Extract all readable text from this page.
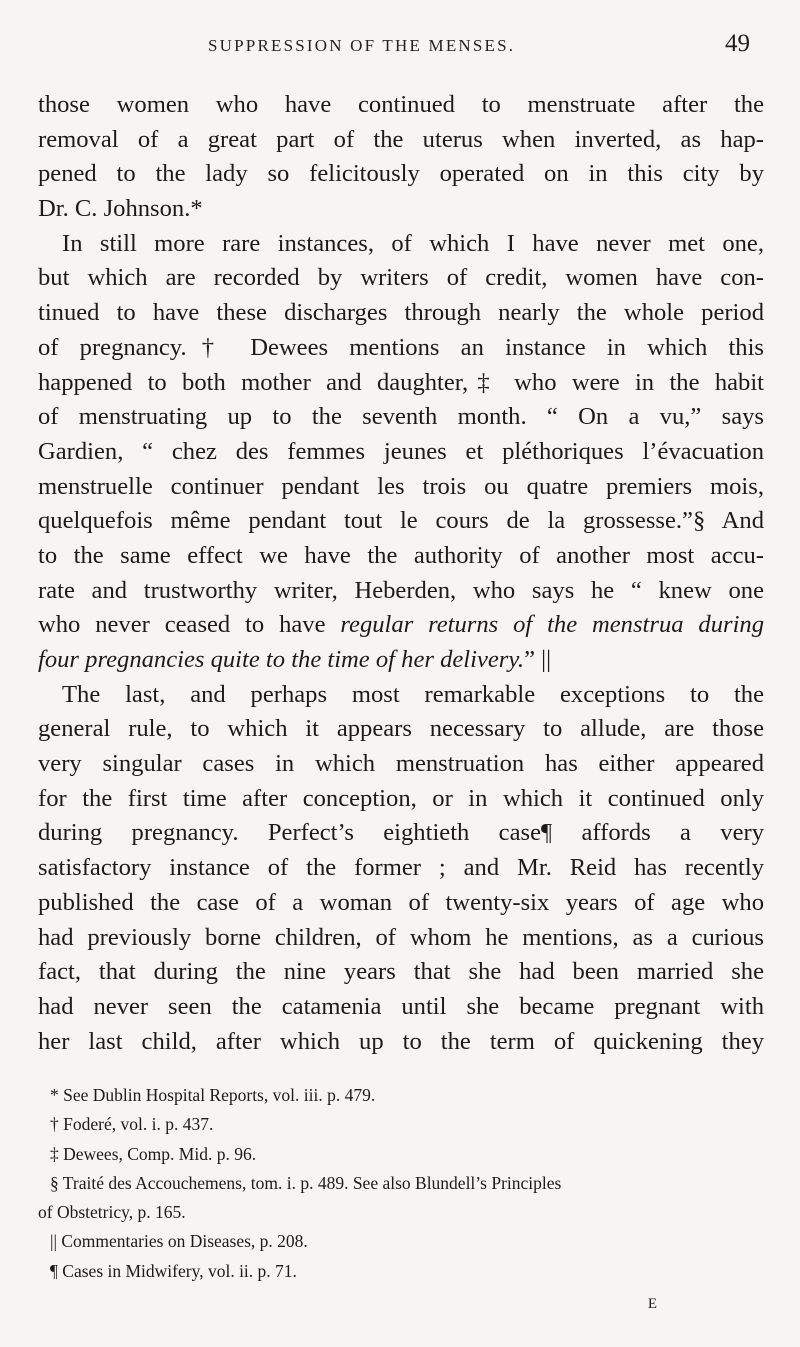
SUPPRESSION OF THE MENSES.	49
those women who have continued to menstruate after the
removal of a great part of the uterus when inverted, as hap-
pened to the lady so felicitously operated on in this city by
Dr. C. Johnson.*
In still more rare instances, of which I have never met one,
but which are recorded by writers of credit, women have con-
tinued to have these discharges through nearly the whole period
of pregnancy.† Dewees mentions an instance in which this
happened to both mother and daughter,‡ who were in the habit
of menstruating up to the seventh month. “ On a vu,” says
Gardien, “ chez des femmes jeunes et pléthoriques l’évacuation
menstruelle continuer pendant les trois ou quatre premiers mois,
quelquefois même pendant tout le cours de la grossesse.”§ And
to the same effect we have the authority of another most accu-
rate and trustworthy writer, Heberden, who says he “ knew one
who never ceased to have regular returns of the menstrua during
four pregnancies quite to the time of her delivery.” ||
The last, and perhaps most remarkable exceptions to the
general rule, to which it appears necessary to allude, are those
very singular cases in which menstruation has either appeared
for the first time after conception, or in which it continued only
during pregnancy. Perfect’s eightieth case¶ affords a very
satisfactory instance of the former ; and Mr. Reid has recently
published the case of a woman of twenty-six years of age who
had previously borne children, of whom he mentions, as a curious
fact, that during the nine years that she had been married she
had never seen the catamenia until she became pregnant with
her last child, after which up to the term of quickening they
* See Dublin Hospital Reports, vol. iii. p. 479.
† Foderé, vol. i. p. 437.
‡ Dewees, Comp. Mid. p. 96.
§ Traité des Accouchemens, tom. i. p. 489. See also Blundell’s Principles
of Obstetricy, p. 165.
|| Commentaries on Diseases, p. 208.
¶ Cases in Midwifery, vol. ii. p. 71.
E
